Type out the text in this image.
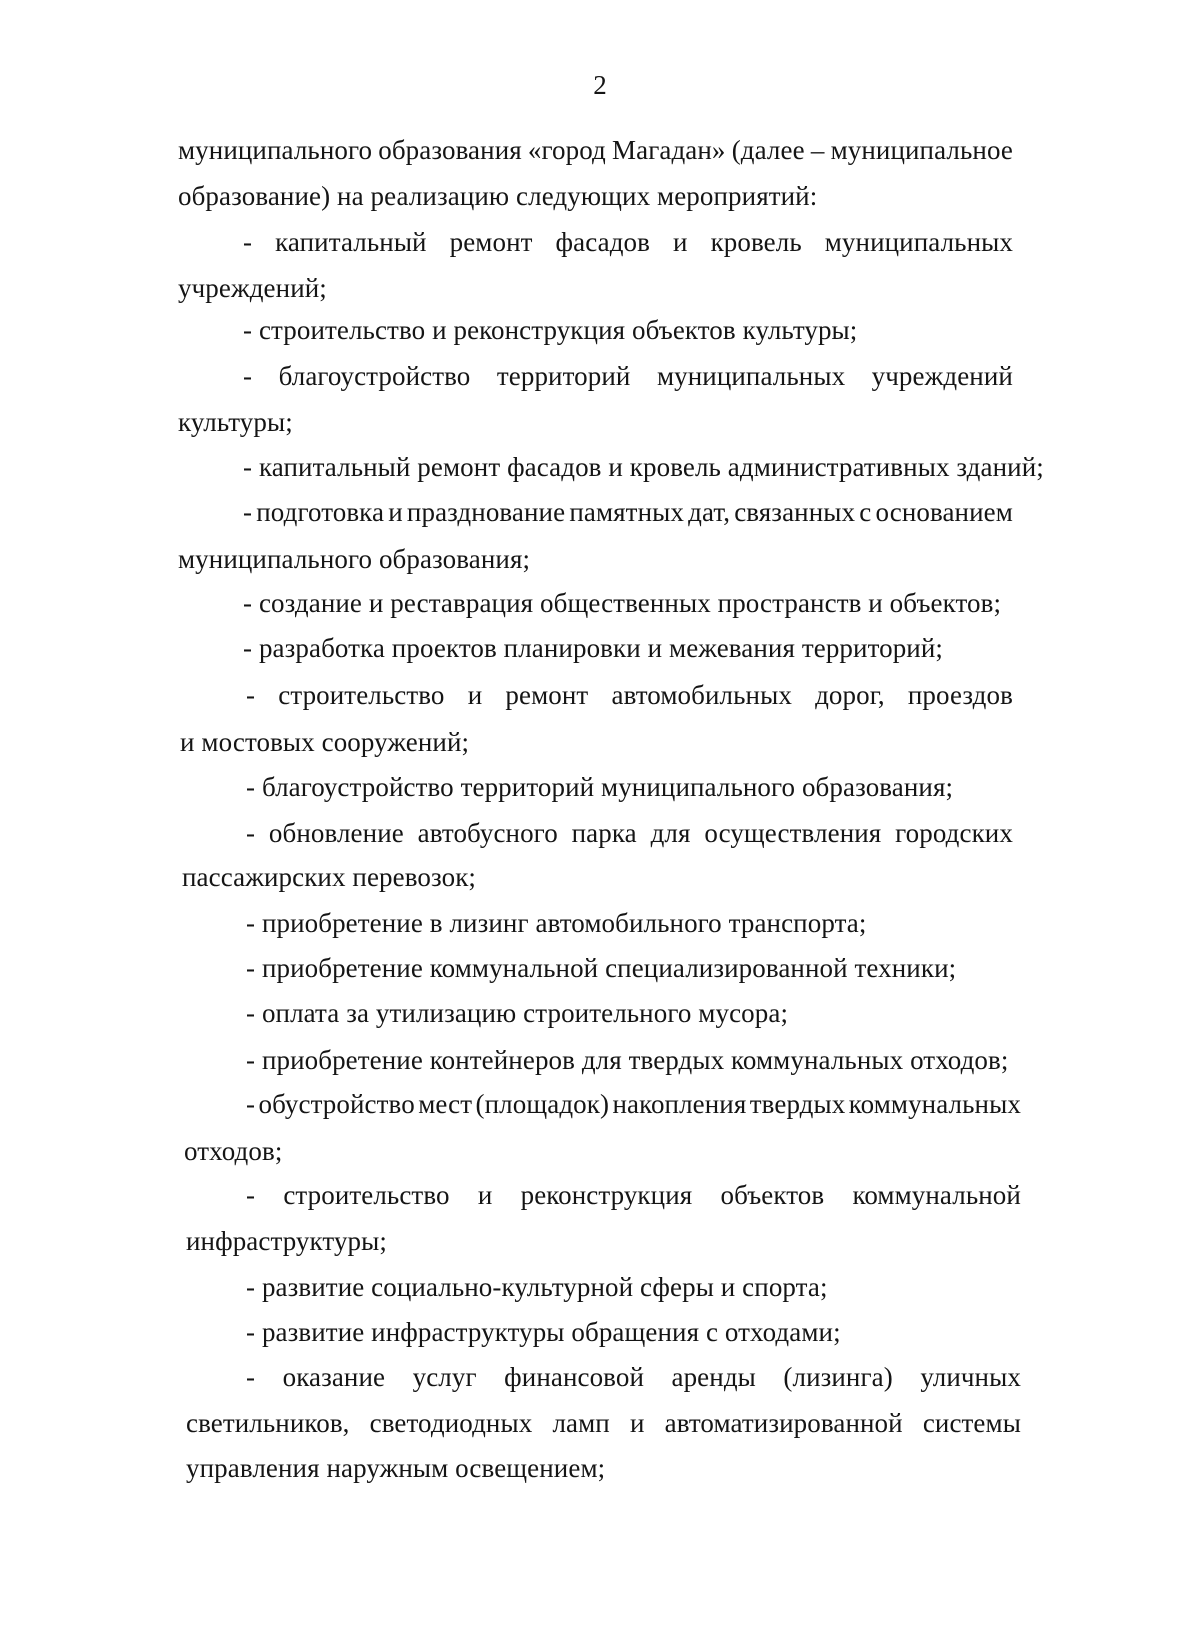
2
муниципального образования «город Магадан» (далее – муниципальное
образование) на реализацию следующих мероприятий:
- капитальный ремонт фасадов и кровель муниципальных
учреждений;
- строительство и реконструкция объектов культуры;
- благоустройство территорий муниципальных учреждений
культуры;
- капитальный ремонт фасадов и кровель административных зданий;
- подготовка и празднование памятных дат, связанных с основанием
муниципального образования;
- создание и реставрация общественных пространств и объектов;
- разработка проектов планировки и межевания территорий;
- строительство и ремонт автомобильных дорог, проездов
и мостовых сооружений;
- благоустройство территорий муниципального образования;
- обновление автобусного парка для осуществления городских
пассажирских перевозок;
- приобретение в лизинг автомобильного транспорта;
- приобретение коммунальной специализированной техники;
- оплата за утилизацию строительного мусора;
- приобретение контейнеров для твердых коммунальных отходов;
- обустройство мест (площадок) накопления твердых коммунальных
отходов;
- строительство и реконструкция объектов коммунальной
инфраструктуры;
- развитие социально-культурной сферы и спорта;
- развитие инфраструктуры обращения с отходами;
- оказание услуг финансовой аренды (лизинга) уличных
светильников, светодиодных ламп и автоматизированной системы
управления наружным освещением;
